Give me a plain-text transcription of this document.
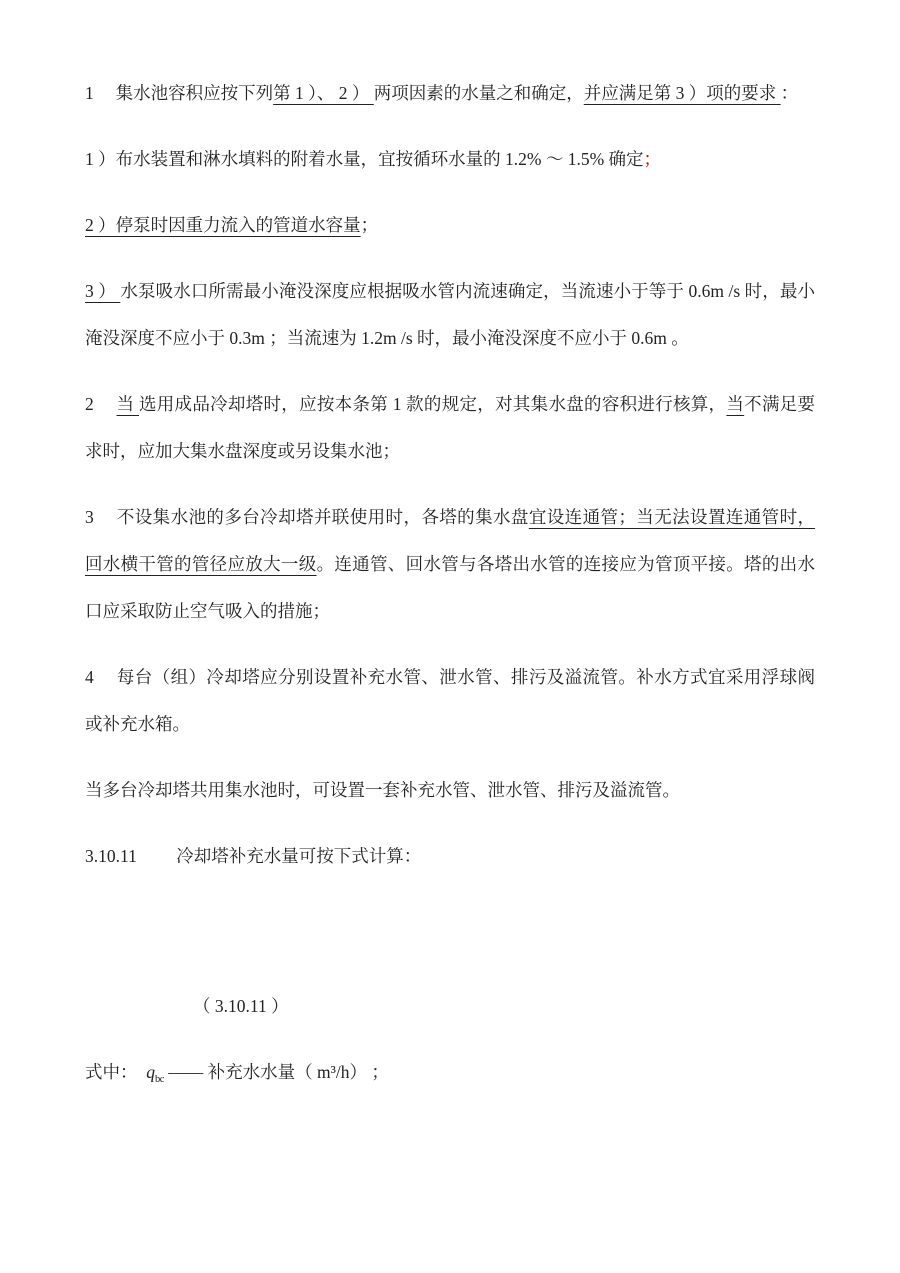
1　 集水池容积应按下列第 1 ）、 2 ） 两项因素的水量之和确定，并应满足第 3 ）项的要求 ：

1 ）布水装置和淋水填料的附着水量，宜按循环水量的 1.2% ～ 1.5% 确定；

2 ）停泵时因重力流入的管道水容量；

3 ） 水泵吸水口所需最小淹没深度应根据吸水管内流速确定，当流速小于等于 0.6m /s 时，最小淹没深度不应小于 0.3m ；当流速为 1.2m /s 时，最小淹没深度不应小于 0.6m 。

2　 当 选用成品冷却塔时，应按本条第 1 款的规定，对其集水盘的容积进行核算，当不满足要求时，应加大集水盘深度或另设集水池；

3　 不设集水池的多台冷却塔并联使用时，各塔的集水盘宜设连通管；当无法设置连通管时，回水横干管的管径应放大一级。连通管、回水管与各塔出水管的连接应为管顶平接。塔的出水口应采取防止空气吸入的措施；

4　 每台（组）冷却塔应分别设置补充水管、泄水管、排污及溢流管。补水方式宜采用浮球阀或补充水箱。

当多台冷却塔共用集水池时，可设置一套补充水管、泄水管、排污及溢流管。

3.10.11　　 冷却塔补充水量可按下式计算：

（ 3.10.11 ）

式中：　$q_{bc}$ —— 补充水水量（ m³/h） ；
